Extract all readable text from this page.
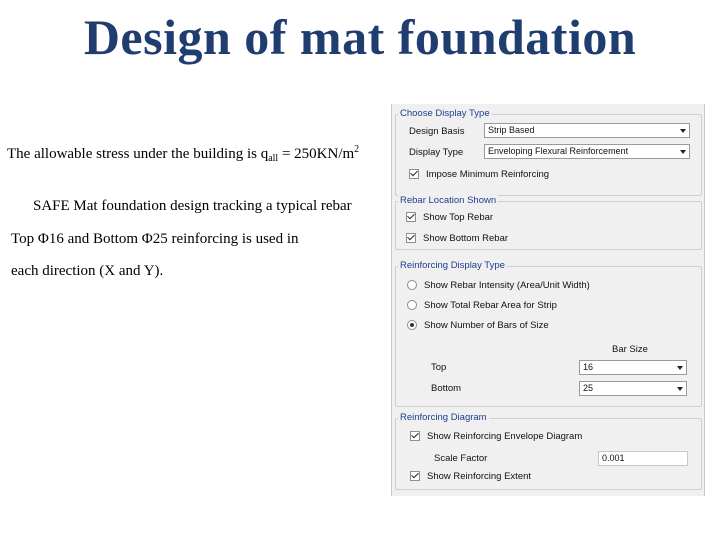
Design of mat foundation
The allowable stress under the building is $q_{all} = 250KN/m^2$
SAFE Mat foundation design tracking a typical rebar
Top Φ16 and Bottom Φ25 reinforcing is used in
each direction (X and Y).
Choose Display Type
Design Basis	Strip Based
Display Type	Enveloping Flexural Reinforcement
Impose Minimum Reinforcing
Rebar Location Shown
Show Top Rebar
Show Bottom Rebar
Reinforcing Display Type
Show Rebar Intensity (Area/Unit Width)
Show Total Rebar Area for Strip
Show Number of Bars of Size
Bar Size
Top	16
Bottom	25
Reinforcing Diagram
Show Reinforcing Envelope Diagram
Scale Factor	0.001
Show Reinforcing Extent
